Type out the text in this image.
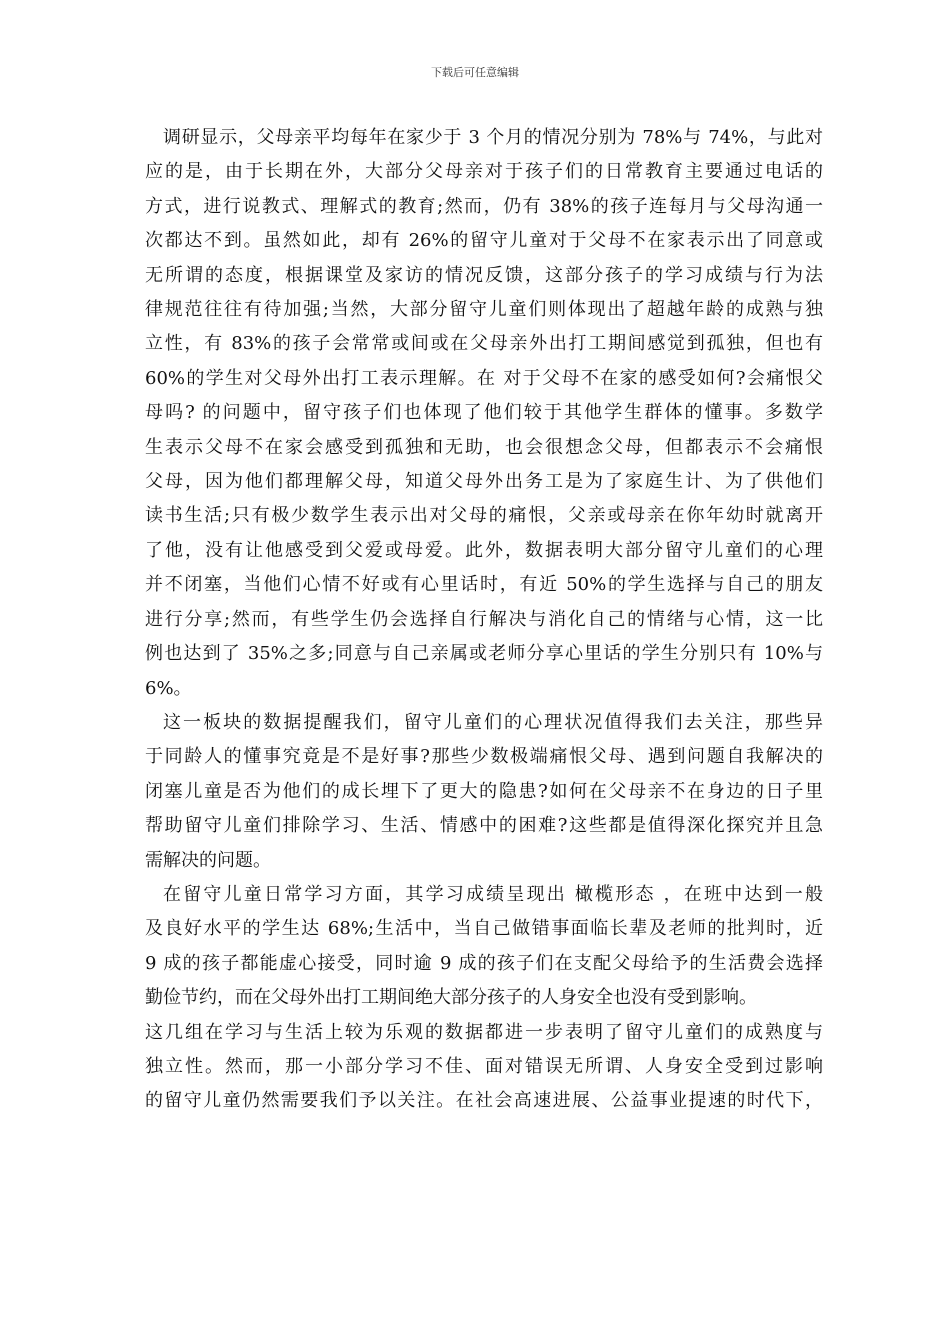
下载后可任意编辑
调研显示，父母亲平均每年在家少于 3 个月的情况分别为 78%与 74%，与此对
应的是，由于长期在外，大部分父母亲对于孩子们的日常教育主要通过电话的
方式，进行说教式、理解式的教育;然而，仍有 38%的孩子连每月与父母沟通一
次都达不到。虽然如此，却有 26%的留守儿童对于父母不在家表示出了同意或
无所谓的态度，根据课堂及家访的情况反馈，这部分孩子的学习成绩与行为法
律规范往往有待加强;当然，大部分留守儿童们则体现出了超越年龄的成熟与独
立性，有 83%的孩子会常常或间或在父母亲外出打工期间感觉到孤独，但也有
60%的学生对父母外出打工表示理解。在 对于父母不在家的感受如何?会痛恨父
母吗? 的问题中，留守孩子们也体现了他们较于其他学生群体的懂事。多数学
生表示父母不在家会感受到孤独和无助，也会很想念父母，但都表示不会痛恨
父母，因为他们都理解父母，知道父母外出务工是为了家庭生计、为了供他们
读书生活;只有极少数学生表示出对父母的痛恨，父亲或母亲在你年幼时就离开
了他，没有让他感受到父爱或母爱。此外，数据表明大部分留守儿童们的心理
并不闭塞，当他们心情不好或有心里话时，有近 50%的学生选择与自己的朋友
进行分享;然而，有些学生仍会选择自行解决与消化自己的情绪与心情，这一比
例也达到了 35%之多;同意与自己亲属或老师分享心里话的学生分别只有 10%与
6%。
这一板块的数据提醒我们，留守儿童们的心理状况值得我们去关注，那些异
于同龄人的懂事究竟是不是好事?那些少数极端痛恨父母、遇到问题自我解决的
闭塞儿童是否为他们的成长埋下了更大的隐患?如何在父母亲不在身边的日子里
帮助留守儿童们排除学习、生活、情感中的困难?这些都是值得深化探究并且急
需解决的问题。
在留守儿童日常学习方面，其学习成绩呈现出 橄榄形态 ，在班中达到一般
及良好水平的学生达 68%;生活中，当自己做错事面临长辈及老师的批判时，近
9 成的孩子都能虚心接受，同时逾 9 成的孩子们在支配父母给予的生活费会选择
勤俭节约，而在父母外出打工期间绝大部分孩子的人身安全也没有受到影响。
这几组在学习与生活上较为乐观的数据都进一步表明了留守儿童们的成熟度与
独立性。然而，那一小部分学习不佳、面对错误无所谓、人身安全受到过影响
的留守儿童仍然需要我们予以关注。在社会高速进展、公益事业提速的时代下，
